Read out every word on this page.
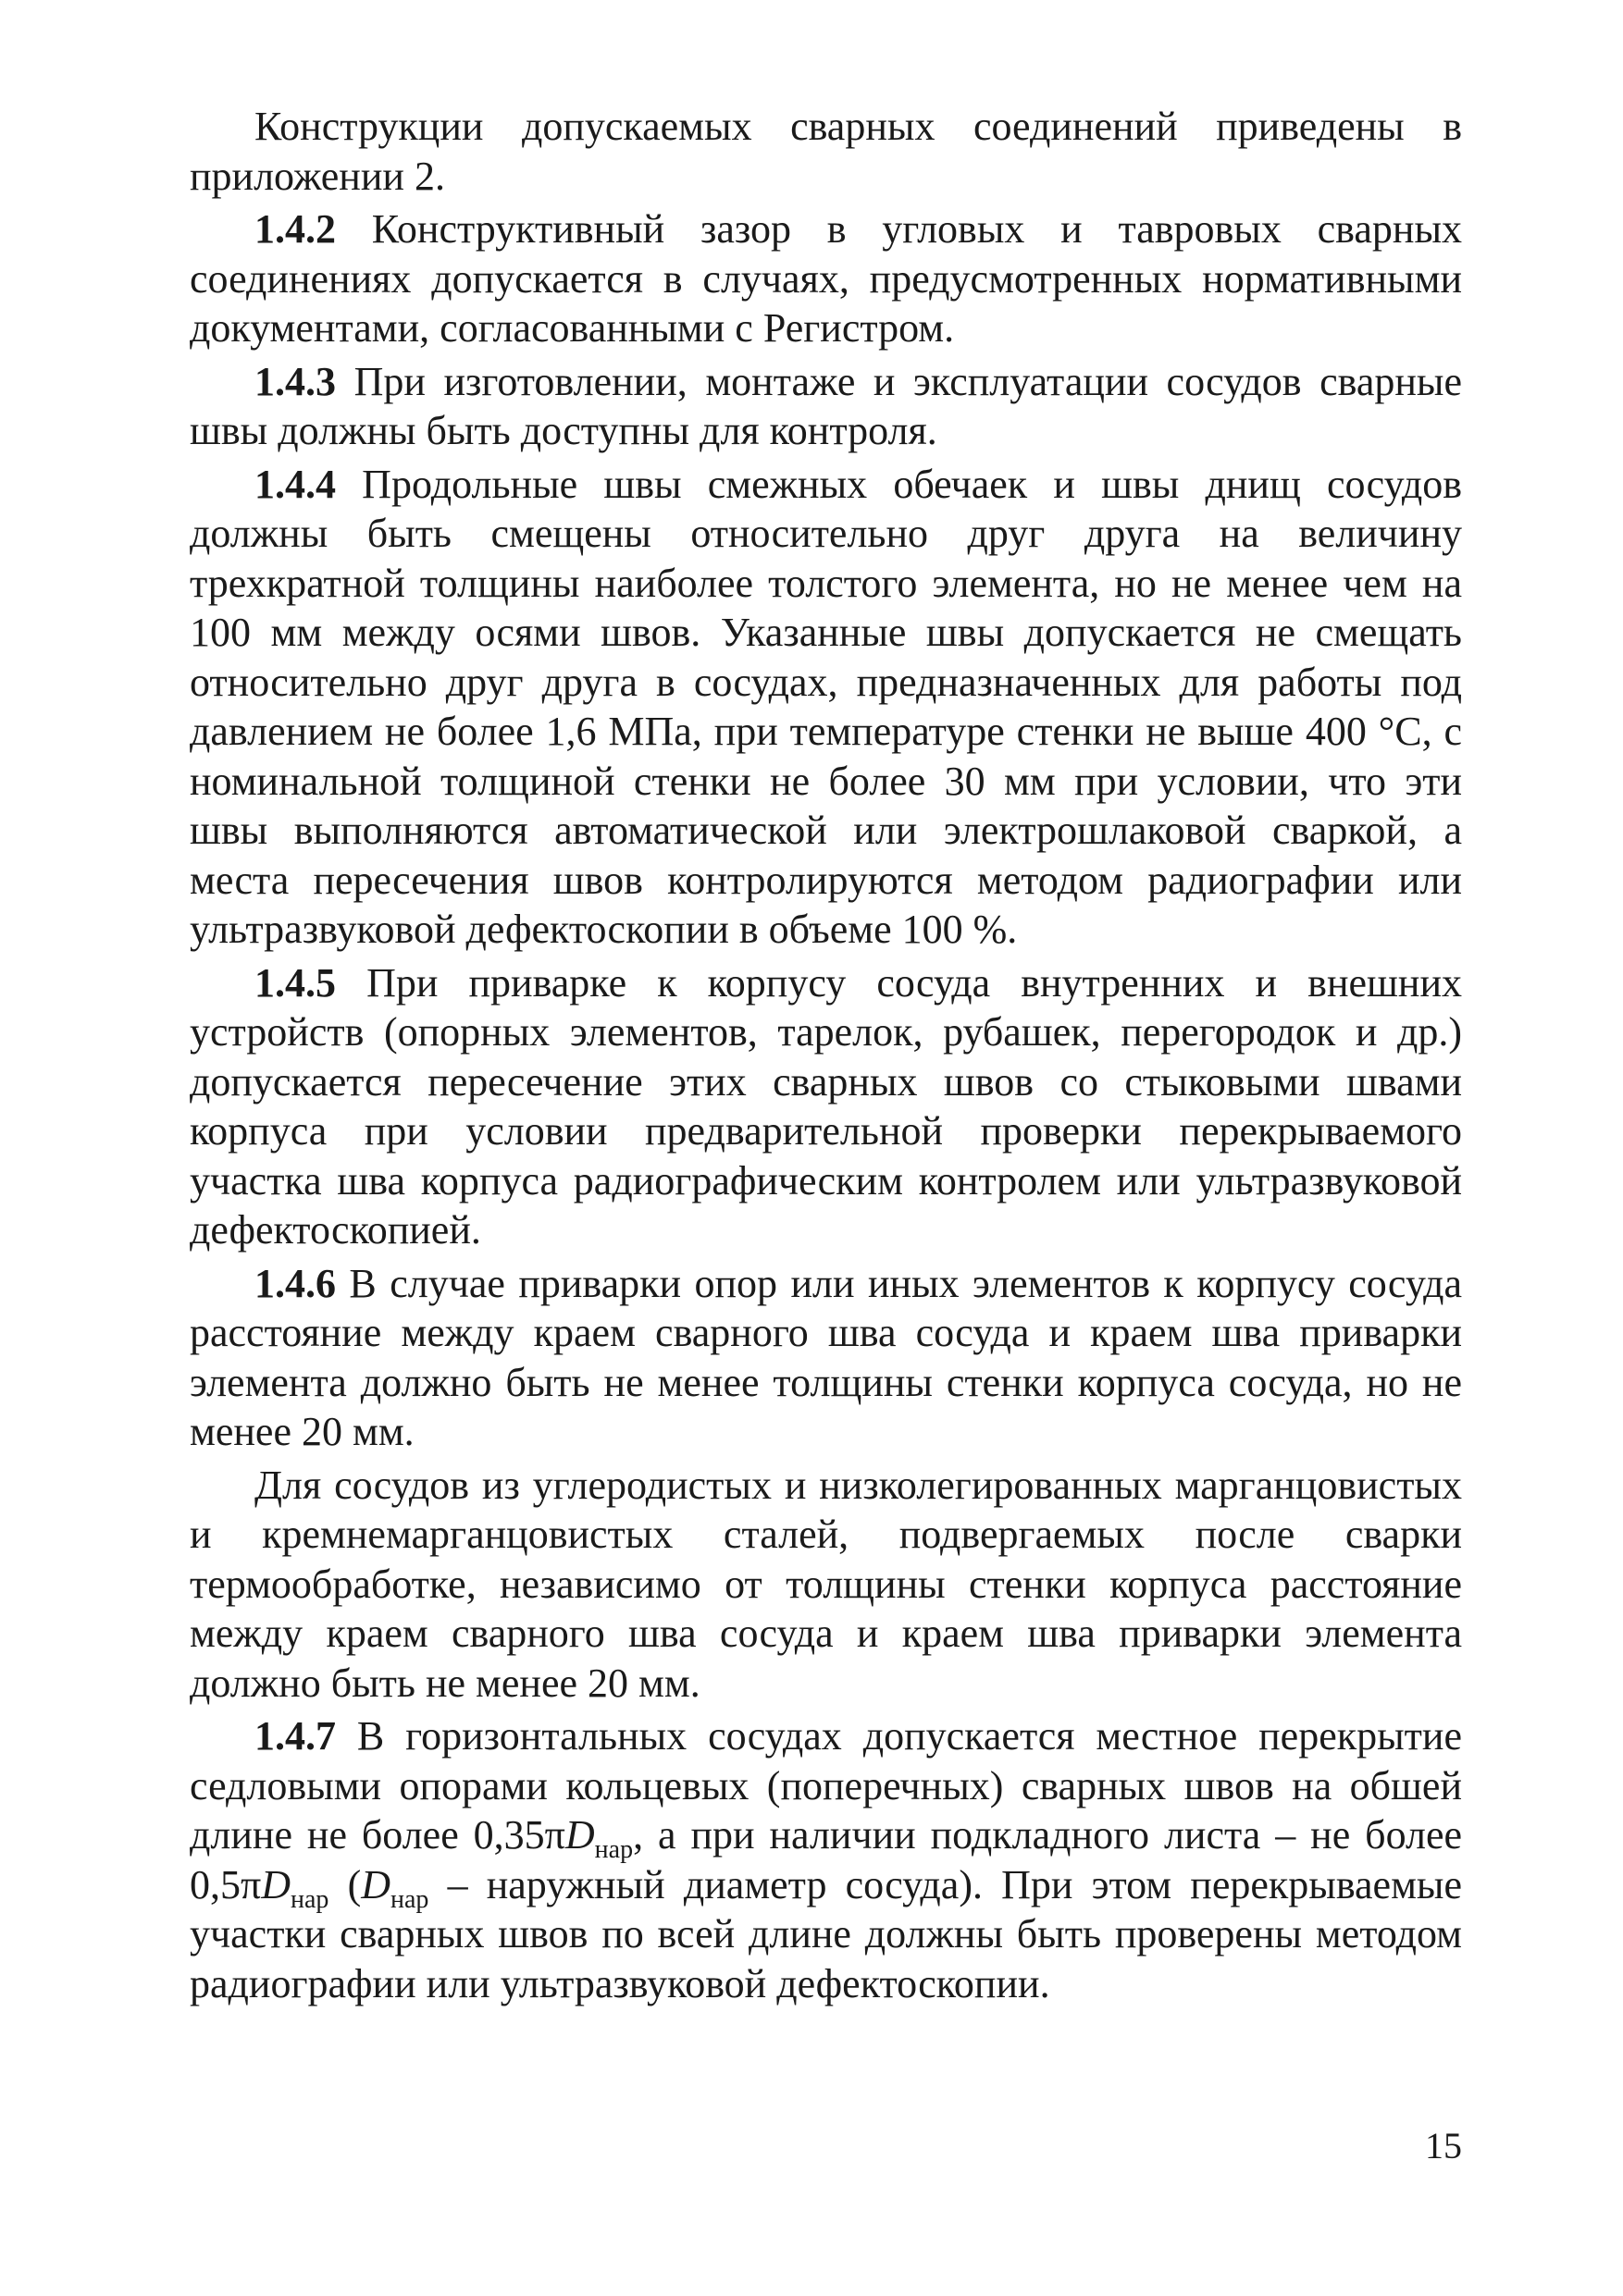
Конструкции допускаемых сварных соединений приведены в приложении 2.

1.4.2 Конструктивный зазор в угловых и тавровых сварных соединениях допускается в случаях, предусмотренных нормативными документами, согласованными с Регистром.

1.4.3 При изготовлении, монтаже и эксплуатации сосудов сварные швы должны быть доступны для контроля.

1.4.4 Продольные швы смежных обечаек и швы днищ сосудов должны быть смещены относительно друг друга на величину трехкратной толщины наиболее толстого элемента, но не менее чем на 100 мм между осями швов. Указанные швы допускается не смещать относительно друг друга в сосудах, предназначенных для работы под давлением не более 1,6 МПа, при температуре стенки не выше 400 °С, с номинальной толщиной стенки не более 30 мм при условии, что эти швы выполняются автоматической или электрошлаковой сваркой, а места пересечения швов контролируются методом радиографии или ультразвуковой дефектоскопии в объеме 100 %.

1.4.5 При приварке к корпусу сосуда внутренних и внешних устройств (опорных элементов, тарелок, рубашек, перегородок и др.) допускается пересечение этих сварных швов со стыковыми швами корпуса при условии предварительной проверки перекрываемого участка шва корпуса радиографическим контролем или ультразвуковой дефектоскопией.

1.4.6 В случае приварки опор или иных элементов к корпусу сосуда расстояние между краем сварного шва сосуда и краем шва приварки элемента должно быть не менее толщины стенки корпуса сосуда, но не менее 20 мм.

Для сосудов из углеродистых и низколегированных марганцовистых и кремнемарганцовистых сталей, подвергаемых после сварки термообработке, независимо от толщины стенки корпуса расстояние между краем сварного шва сосуда и краем шва приварки элемента должно быть не менее 20 мм.

1.4.7 В горизонтальных сосудах допускается местное перекрытие седловыми опорами кольцевых (поперечных) сварных швов на обшей длине не более $0,35\pi D_{нар}$, а при наличии подкладного листа – не более $0,5\pi D_{нар}$ ($D_{нар}$ – наружный диаметр сосуда). При этом перекрываемые участки сварных швов по всей длине должны быть проверены методом радиографии или ультразвуковой дефектоскопии.

15
